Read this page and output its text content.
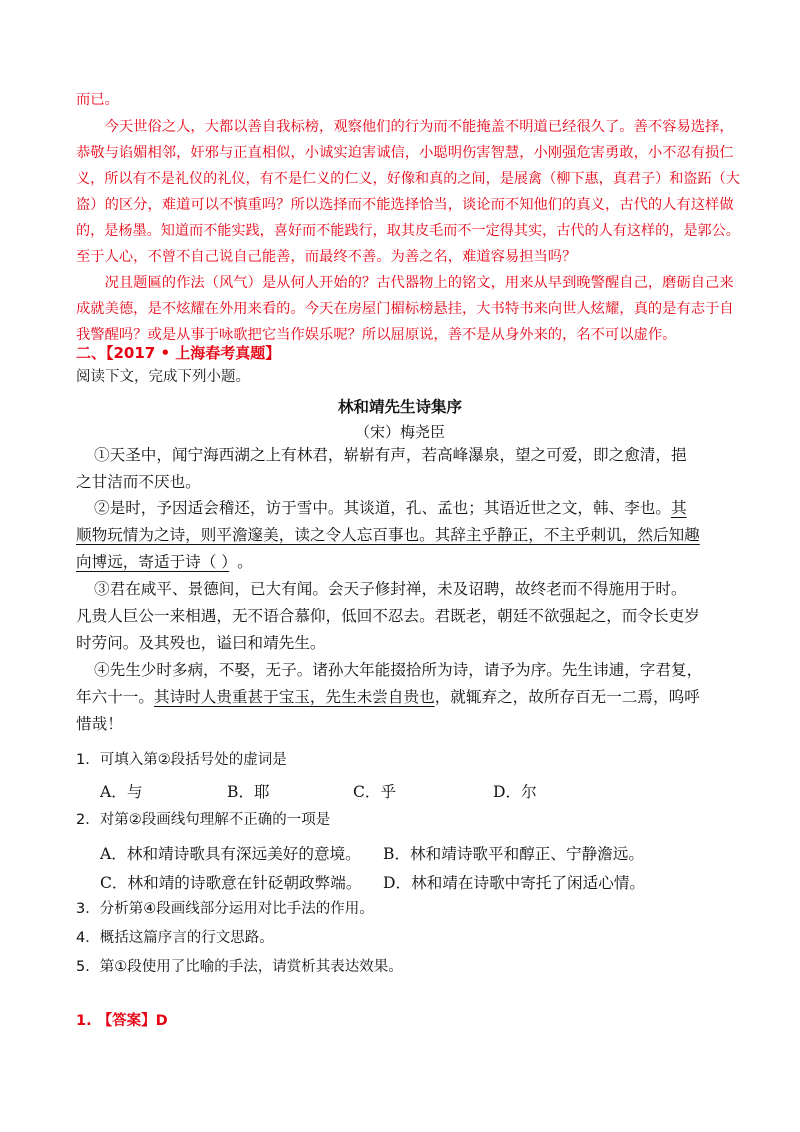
而已。
　　今天世俗之人，大都以善自我标榜，观察他们的行为而不能掩盖不明道已经很久了。善不容易选择，
恭敬与谄媚相邻，奸邪与正直相似，小诚实迫害诚信，小聪明伤害智慧，小刚强危害勇敢，小不忍有损仁
义，所以有不是礼仪的礼仪，有不是仁义的仁义，好像和真的之间，是展禽（柳下惠，真君子）和盗跖（大
盗）的区分，难道可以不慎重吗？所以选择而不能选择恰当，谈论而不知他们的真义，古代的人有这样做
的，是杨墨。知道而不能实践，喜好而不能践行，取其皮毛而不一定得其实，古代的人有这样的，是郭公。
至于人心，不曾不自己说自己能善，而最终不善。为善之名，难道容易担当吗？
　　况且题匾的作法（风气）是从何人开始的？古代器物上的铭文，用来从早到晚警醒自己，磨砺自己来
成就美德，是不炫耀在外用来看的。今天在房屋门楣标榜悬挂，大书特书来向世人炫耀，真的是有志于自
我警醒吗？或是从事于咏歌把它当作娱乐呢？所以屈原说，善不是从身外来的，名不可以虚作。
二、【2017 • 上海春考真题】
阅读下文，完成下列小题。
林和靖先生诗集序
（宋）梅尧臣
①天圣中，闻宁海西湖之上有林君，崭崭有声，若高峰瀑泉，望之可爱，即之愈清，挹
之甘洁而不厌也。
②是时，予因适会稽还，访于雪中。其谈道，孔、孟也；其语近世之文，韩、李也。其
顺物玩情为之诗，则平澹邃美，读之令人忘百事也。其辞主乎静正，不主乎刺讥，然后知趣
向博远，寄适于诗（ ） 。
③君在咸平、景德间，已大有闻。会天子修封禅，未及诏聘，故终老而不得施用于时。
凡贵人巨公一来相遇，无不语合慕仰，低回不忍去。君既老，朝廷不欲强起之，而令长吏岁
时劳问。及其殁也，谥曰和靖先生。
④先生少时多病，不娶，无子。诸孙大年能掇拾所为诗，请予为序。先生讳逋，字君复，
年六十一。其诗时人贵重甚于宝玉，先生未尝自贵也，就辄弃之，故所存百无一二焉，呜呼
惜哉！
1．可填入第②段括号处的虚词是
A．与	B．耶	C．乎	D．尔
2．对第②段画线句理解不正确的一项是
A．林和靖诗歌具有深远美好的意境。 B．林和靖诗歌平和醇正、宁静澹远。
C．林和靖的诗歌意在针砭朝政弊端。 D．林和靖在诗歌中寄托了闲适心情。
3．分析第④段画线部分运用对比手法的作用。
4．概括这篇序言的行文思路。
5．第①段使用了比喻的手法，请赏析其表达效果。
1. 【答案】D
